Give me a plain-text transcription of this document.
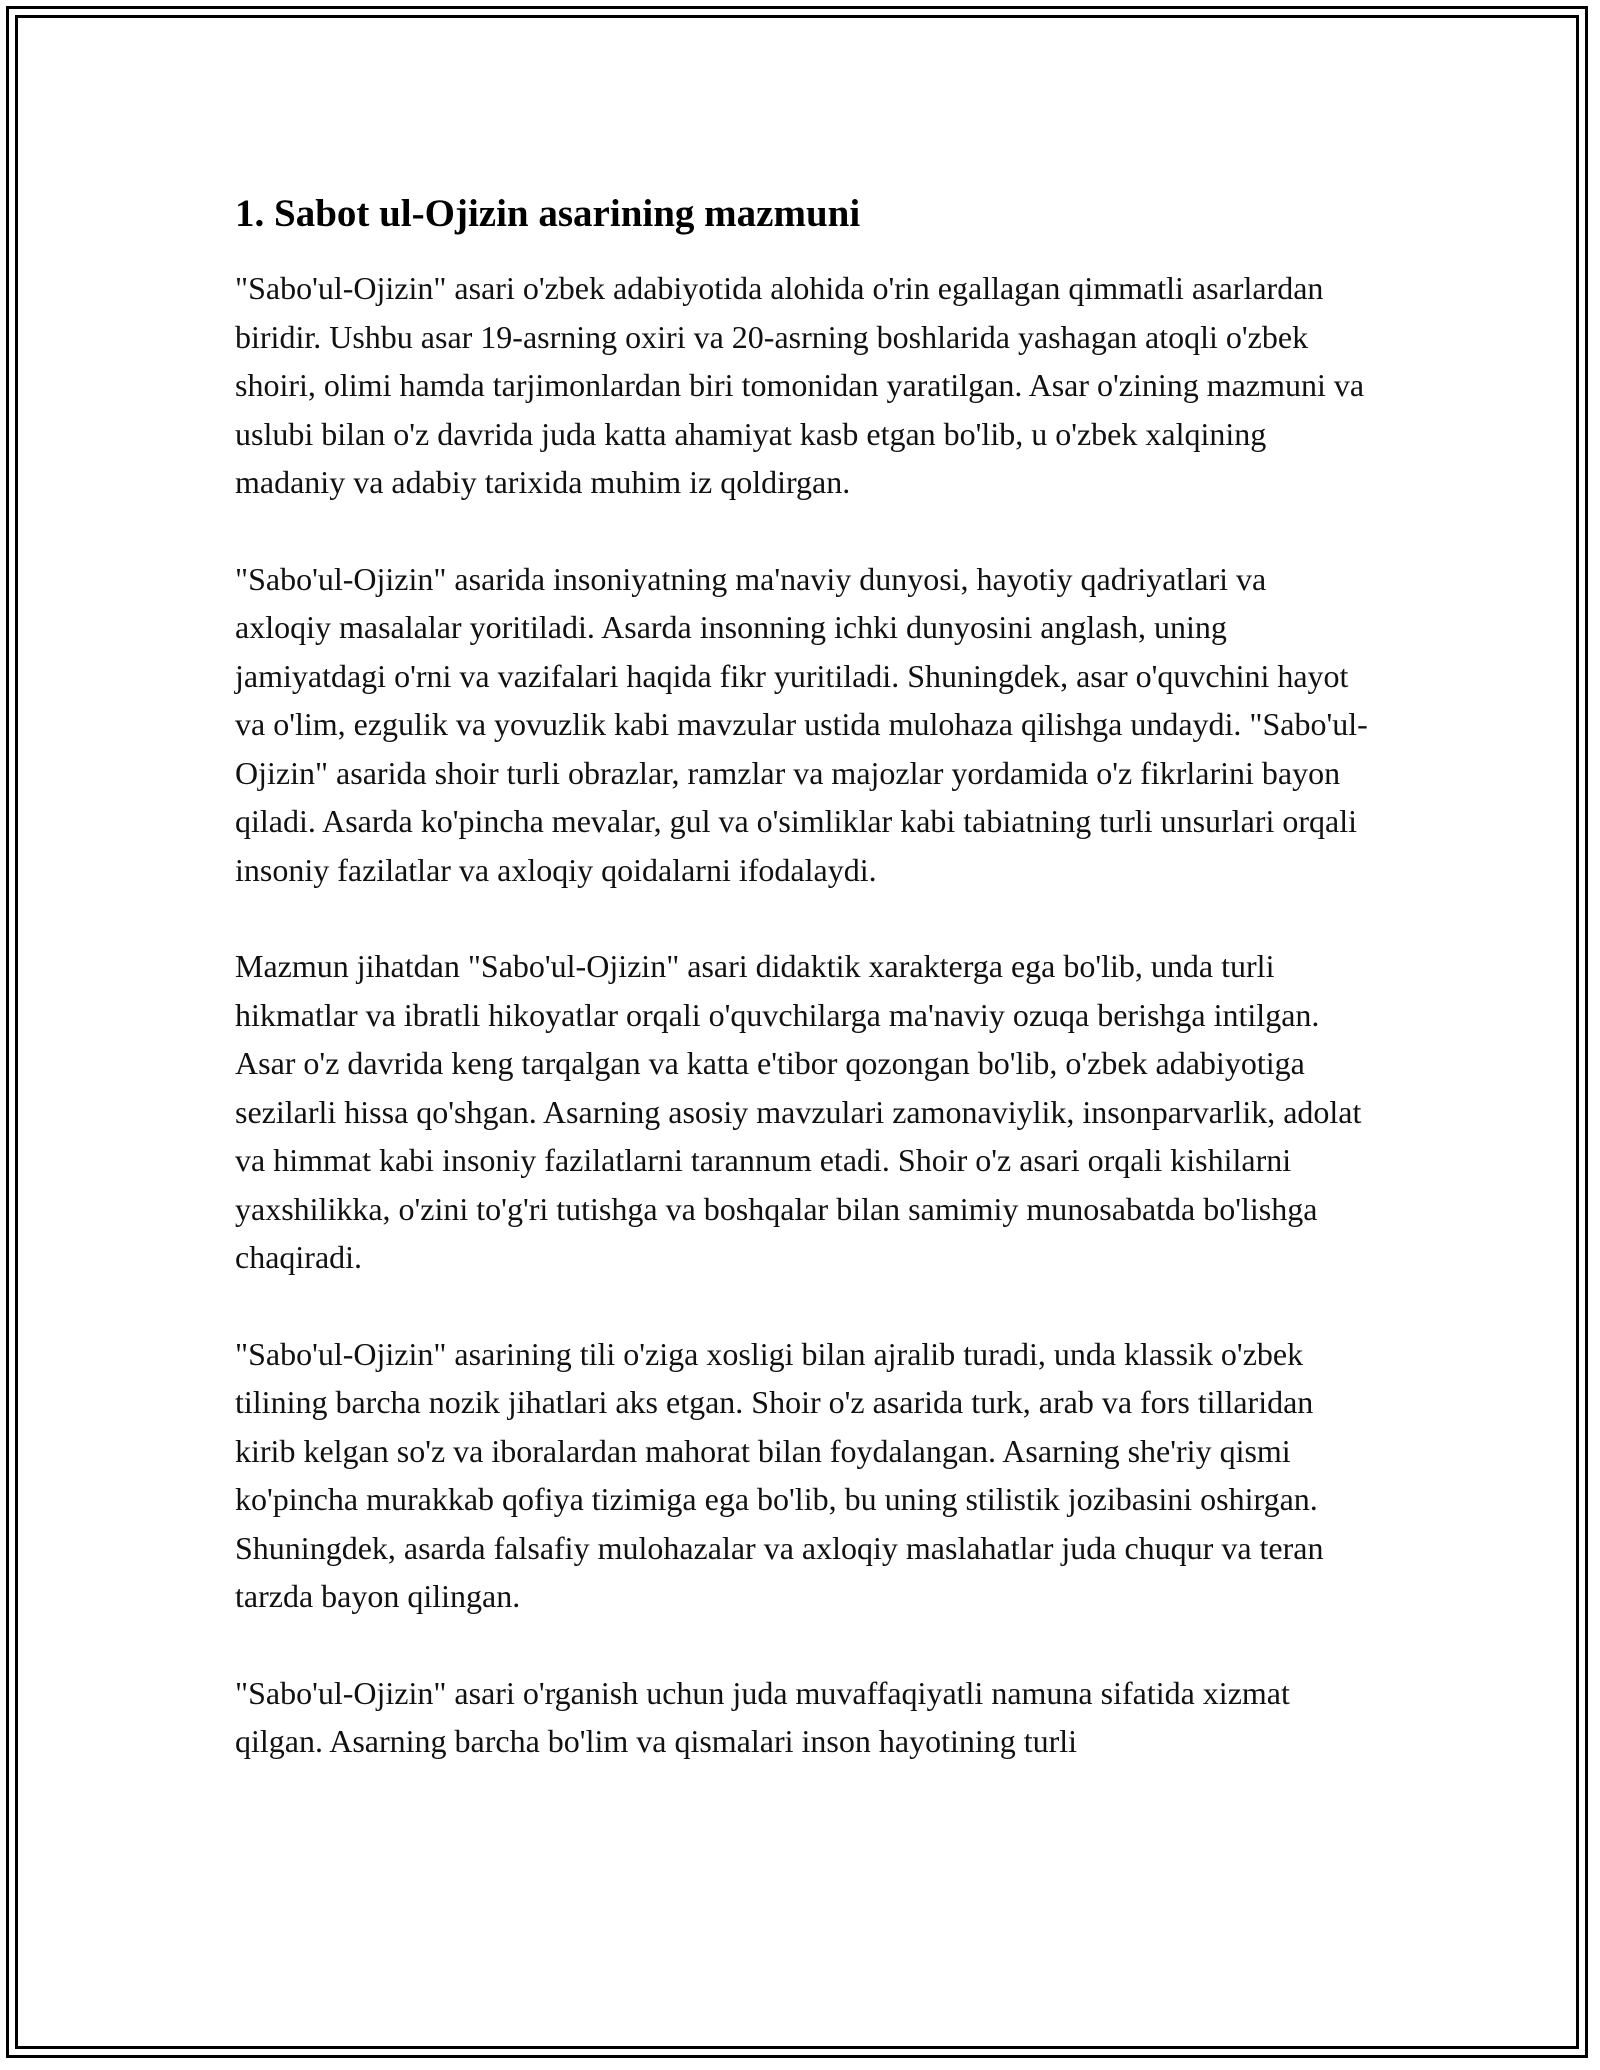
1. Sabot ul-Ojizin asarining mazmuni

"Sabo'ul-Ojizin" asari o'zbek adabiyotida alohida o'rin egallagan qimmatli asarlardan biridir. Ushbu asar 19-asrning oxiri va 20-asrning boshlarida yashagan atoqli o'zbek shoiri, olimi hamda tarjimonlardan biri tomonidan yaratilgan. Asar o'zining mazmuni va uslubi bilan o'z davrida juda katta ahamiyat kasb etgan bo'lib, u o'zbek xalqining madaniy va adabiy tarixida muhim iz qoldirgan.

"Sabo'ul-Ojizin" asarida insoniyatning ma'naviy dunyosi, hayotiy qadriyatlari va axloqiy masalalar yoritiladi. Asarda insonning ichki dunyosini anglash, uning jamiyatdagi o'rni va vazifalari haqida fikr yuritiladi. Shuningdek, asar o'quvchini hayot va o'lim, ezgulik va yovuzlik kabi mavzular ustida mulohaza qilishga undaydi. "Sabo'ul-Ojizin" asarida shoir turli obrazlar, ramzlar va majozlar yordamida o'z fikrlarini bayon qiladi. Asarda ko'pincha mevalar, gul va o'simliklar kabi tabiatning turli unsurlari orqali insoniy fazilatlar va axloqiy qoidalarni ifodalaydi.

Mazmun jihatdan "Sabo'ul-Ojizin" asari didaktik xarakterga ega bo'lib, unda turli hikmatlar va ibratli hikoyatlar orqali o'quvchilarga ma'naviy ozuqa berishga intilgan. Asar o'z davrida keng tarqalgan va katta e'tibor qozongan bo'lib, o'zbek adabiyotiga sezilarli hissa qo'shgan. Asarning asosiy mavzulari zamonaviylik, insonparvarlik, adolat va himmat kabi insoniy fazilatlarni tarannum etadi. Shoir o'z asari orqali kishilarni yaxshilikka, o'zini to'g'ri tutishga va boshqalar bilan samimiy munosabatda bo'lishga chaqiradi.

"Sabo'ul-Ojizin" asarining tili o'ziga xosligi bilan ajralib turadi, unda klassik o'zbek tilining barcha nozik jihatlari aks etgan. Shoir o'z asarida turk, arab va fors tillaridan kirib kelgan so'z va iboralardan mahorat bilan foydalangan. Asarning she'riy qismi ko'pincha murakkab qofiya tizimiga ega bo'lib, bu uning stilistik jozibasini oshirgan. Shuningdek, asarda falsafiy mulohazalar va axloqiy maslahatlar juda chuqur va teran tarzda bayon qilingan.

"Sabo'ul-Ojizin" asari o'rganish uchun juda muvaffaqiyatli namuna sifatida xizmat qilgan. Asarning barcha bo'lim va qismalari inson hayotining turli
